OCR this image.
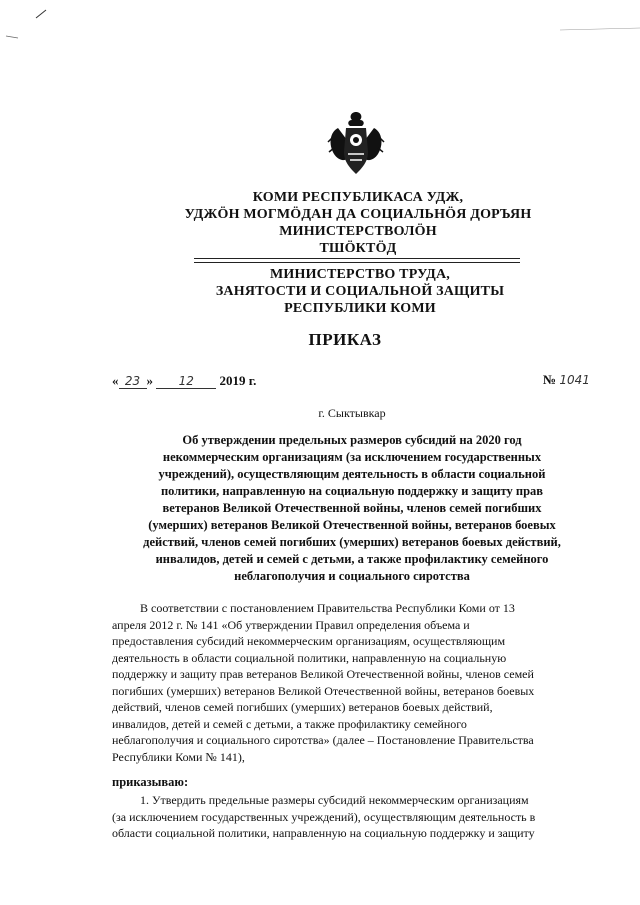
КОМИ РЕСПУБЛИКАСА УДЖ,
УДЖӦН МОГМӦДАН ДА СОЦИАЛЬНӦЯ ДОРЪЯН
МИНИСТЕРСТВОЛӦН
ТШӦКТӦД
МИНИСТЕРСТВО ТРУДА,
ЗАНЯТОСТИ И СОЦИАЛЬНОЙ ЗАЩИТЫ
РЕСПУБЛИКИ КОМИ
ПРИКАЗ
« 23 » 12 2019 г.	№ 1041
г. Сыктывкар
Об утверждении предельных размеров субсидий на 2020 год
некоммерческим организациям (за исключением государственных
учреждений), осуществляющим деятельность в области социальной
политики, направленную на социальную поддержку и защиту прав
ветеранов Великой Отечественной войны, членов семей погибших
(умерших) ветеранов Великой Отечественной войны, ветеранов боевых
действий, членов семей погибших (умерших) ветеранов боевых действий,
инвалидов, детей и семей с детьми, а также профилактику семейного
неблагополучия и социального сиротства
В соответствии с постановлением Правительства Республики Коми от 13
апреля 2012 г. № 141 «Об утверждении Правил определения объема и
предоставления субсидий некоммерческим организациям, осуществляющим
деятельность в области социальной политики, направленную на социальную
поддержку и защиту прав ветеранов Великой Отечественной войны, членов семей
погибших (умерших) ветеранов Великой Отечественной войны, ветеранов боевых
действий, членов семей погибших (умерших) ветеранов боевых действий,
инвалидов, детей и семей с детьми, а также профилактику семейного
неблагополучия и социального сиротства» (далее – Постановление Правительства
Республики Коми № 141),
приказываю:
1. Утвердить предельные размеры субсидий некоммерческим организациям
(за исключением государственных учреждений), осуществляющим деятельность в
области социальной политики, направленную на социальную поддержку и защиту
